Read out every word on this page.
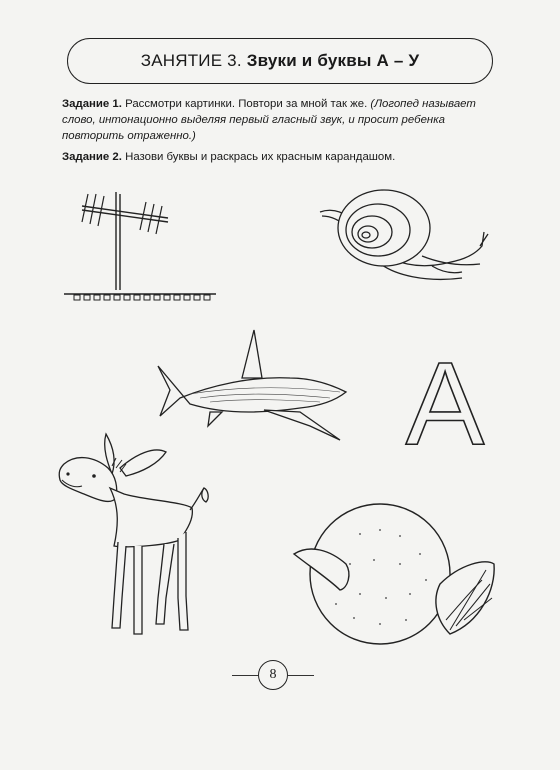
ЗАНЯТИЕ 3. Звуки и буквы А – У
Задание 1. Рассмотри картинки. Повтори за мной так же. (Логопед называет слово, интонационно выделяя первый гласный звук, и просит ребенка повторить отраженно.)
Задание 2. Назови буквы и раскрась их красным карандашом.
А
8
